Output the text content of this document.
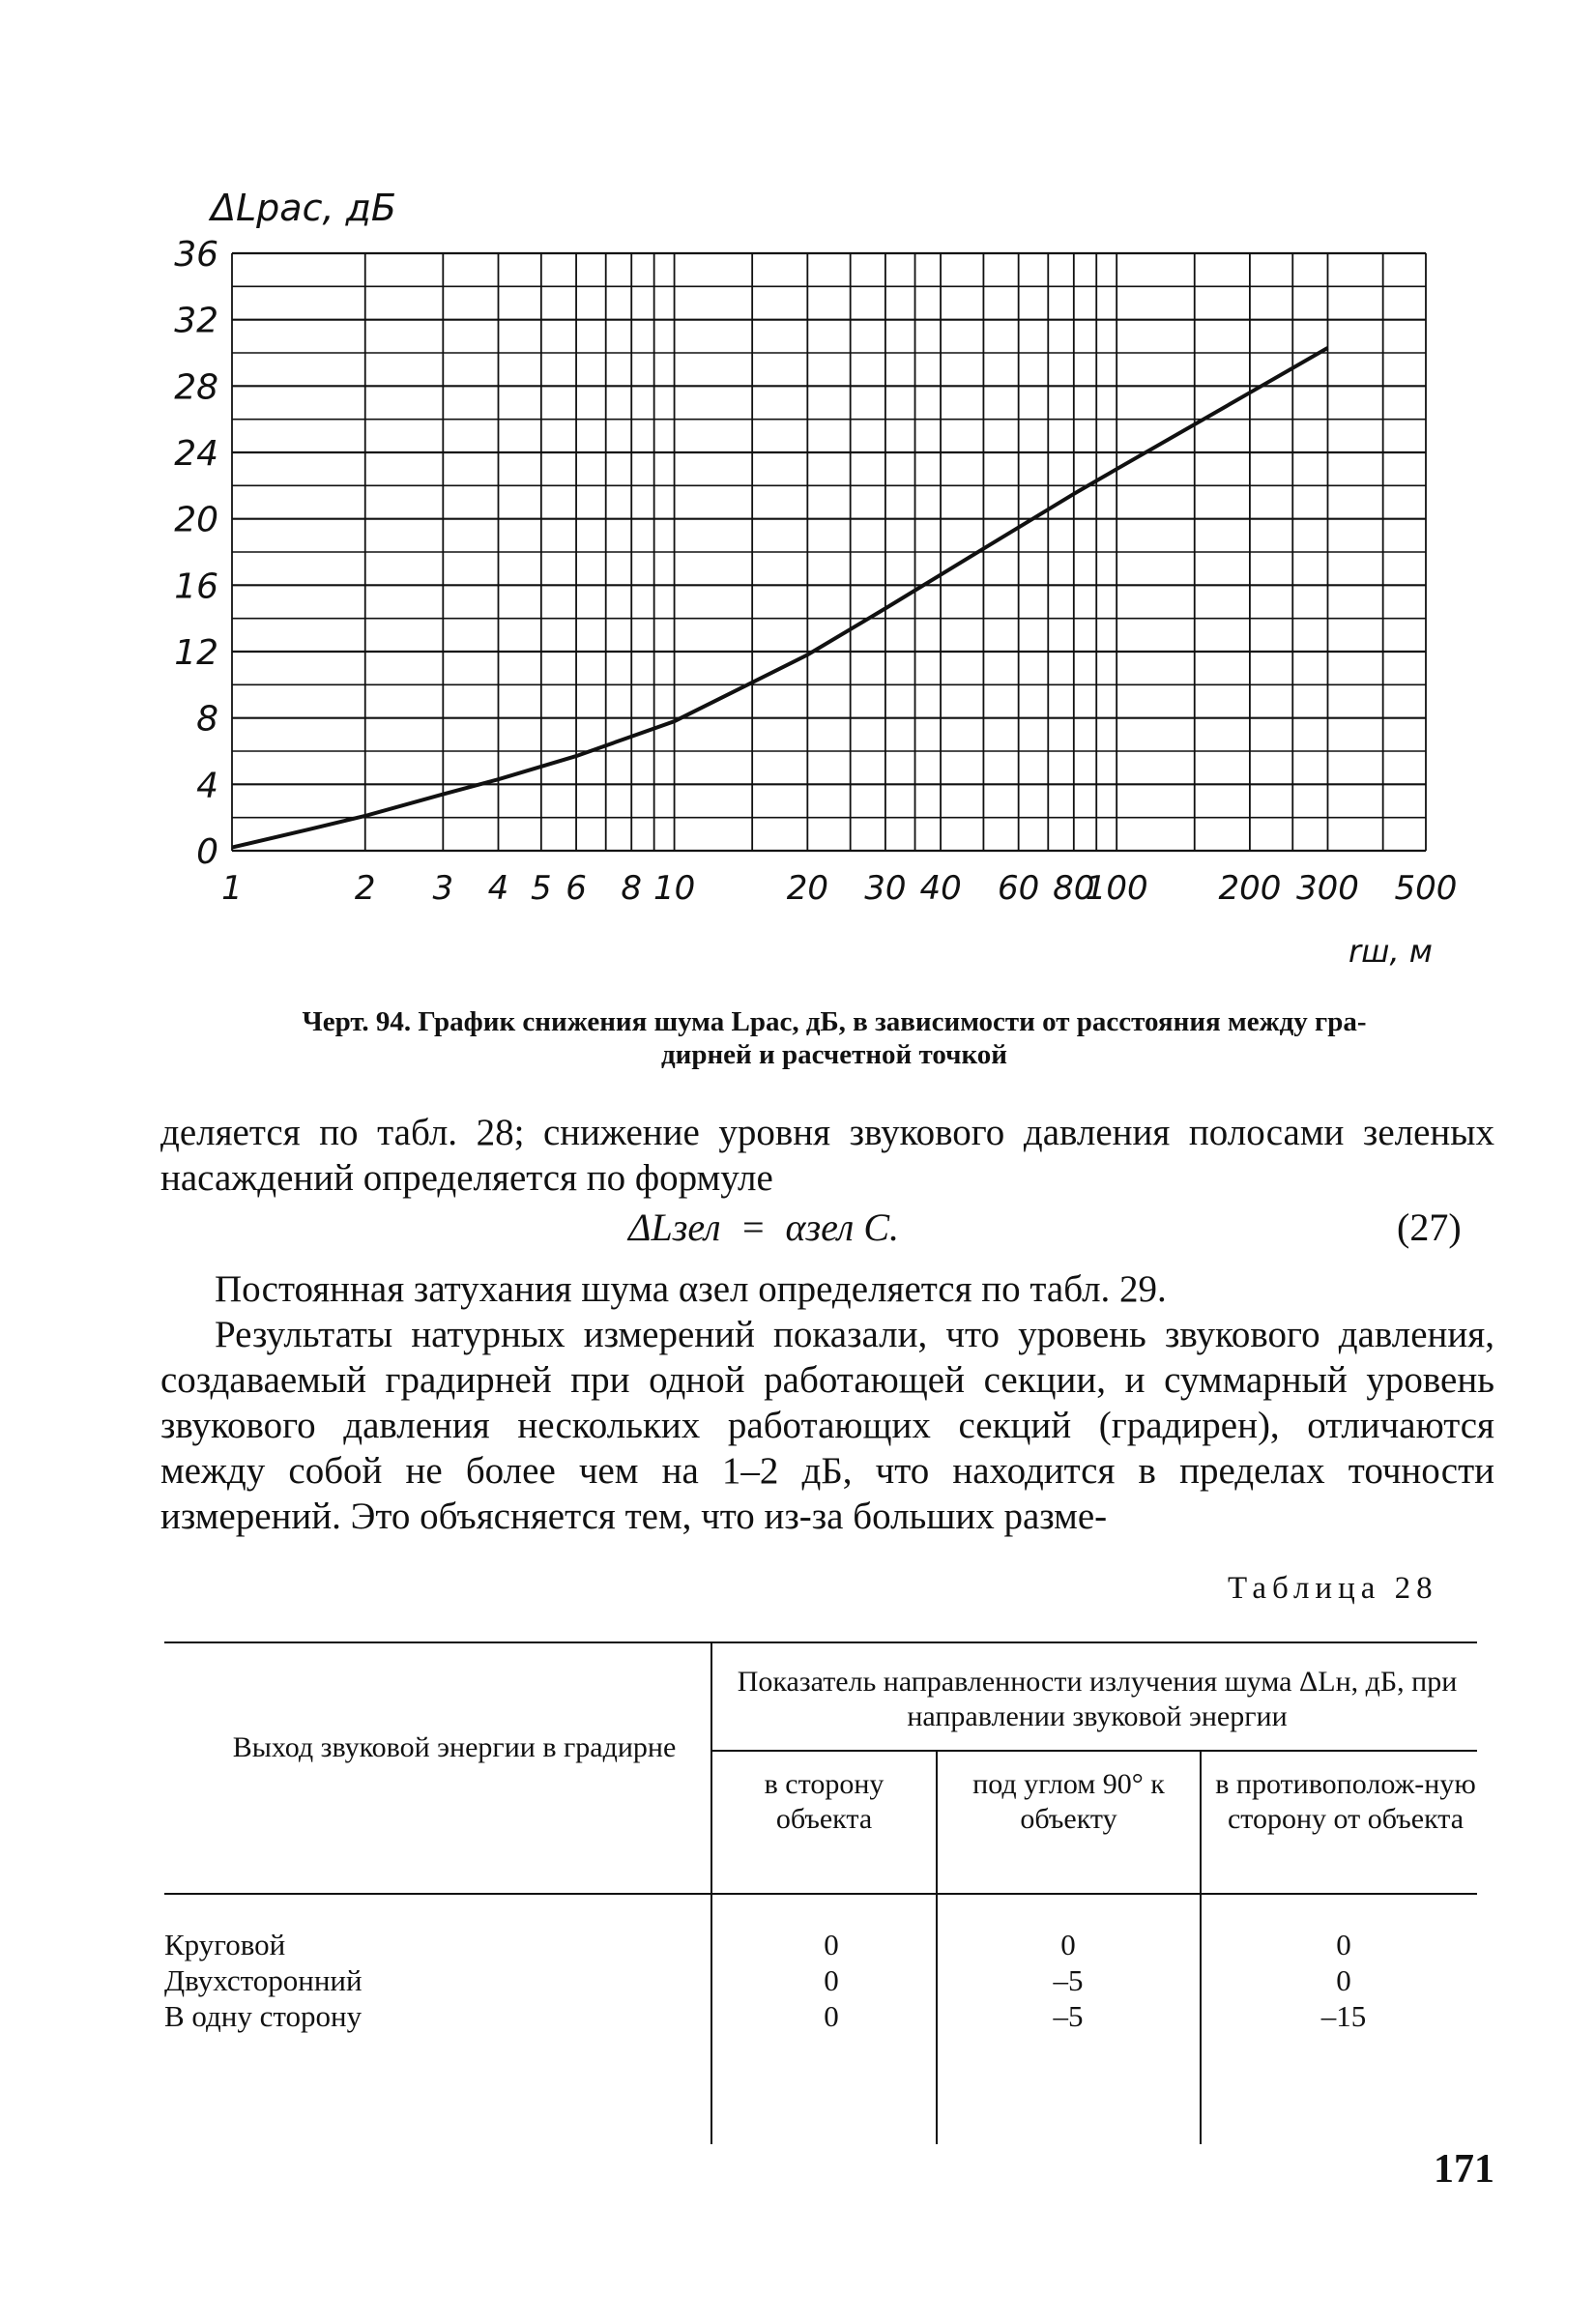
0
4
8
12
16
20
24
28
32
36
1	2 3 4 5 6 8 10	20 30 40 60 80
100 200 300 500
ΔLрас, дБ
rш, м
Черт. 94. График снижения шума Lрас, дБ, в зависимости от расстояния между гра-
дирней и расчетной точкой
деляется по табл. 28; снижение уровня звукового давления полосами зеленых насаждений определяется по формуле
ΔLзел = αзел C.	(27)
Постоянная затухания шума αзел определяется по табл. 29.
Результаты натурных измерений показали, что уровень звукового давления, создаваемый градирней при одной работающей секции, и суммарный уровень звукового давления нескольких работающих секций (градирен), отличаются между собой не более чем на 1–2 дБ, что находится в пределах точности измерений. Это объясняется тем, что из-за больших разме-
Таблица 28
Выход звуковой энергии в градирне
Показатель направленности излучения шума ΔLн, дБ, при направлении звуковой энергии
в сторону объекта
под углом 90° к объекту
в противополож-ную сторону от объекта
Круговой	0	0	0
Двухсторонний	0	–5	0
В одну сторону	0	–5	–15
171
